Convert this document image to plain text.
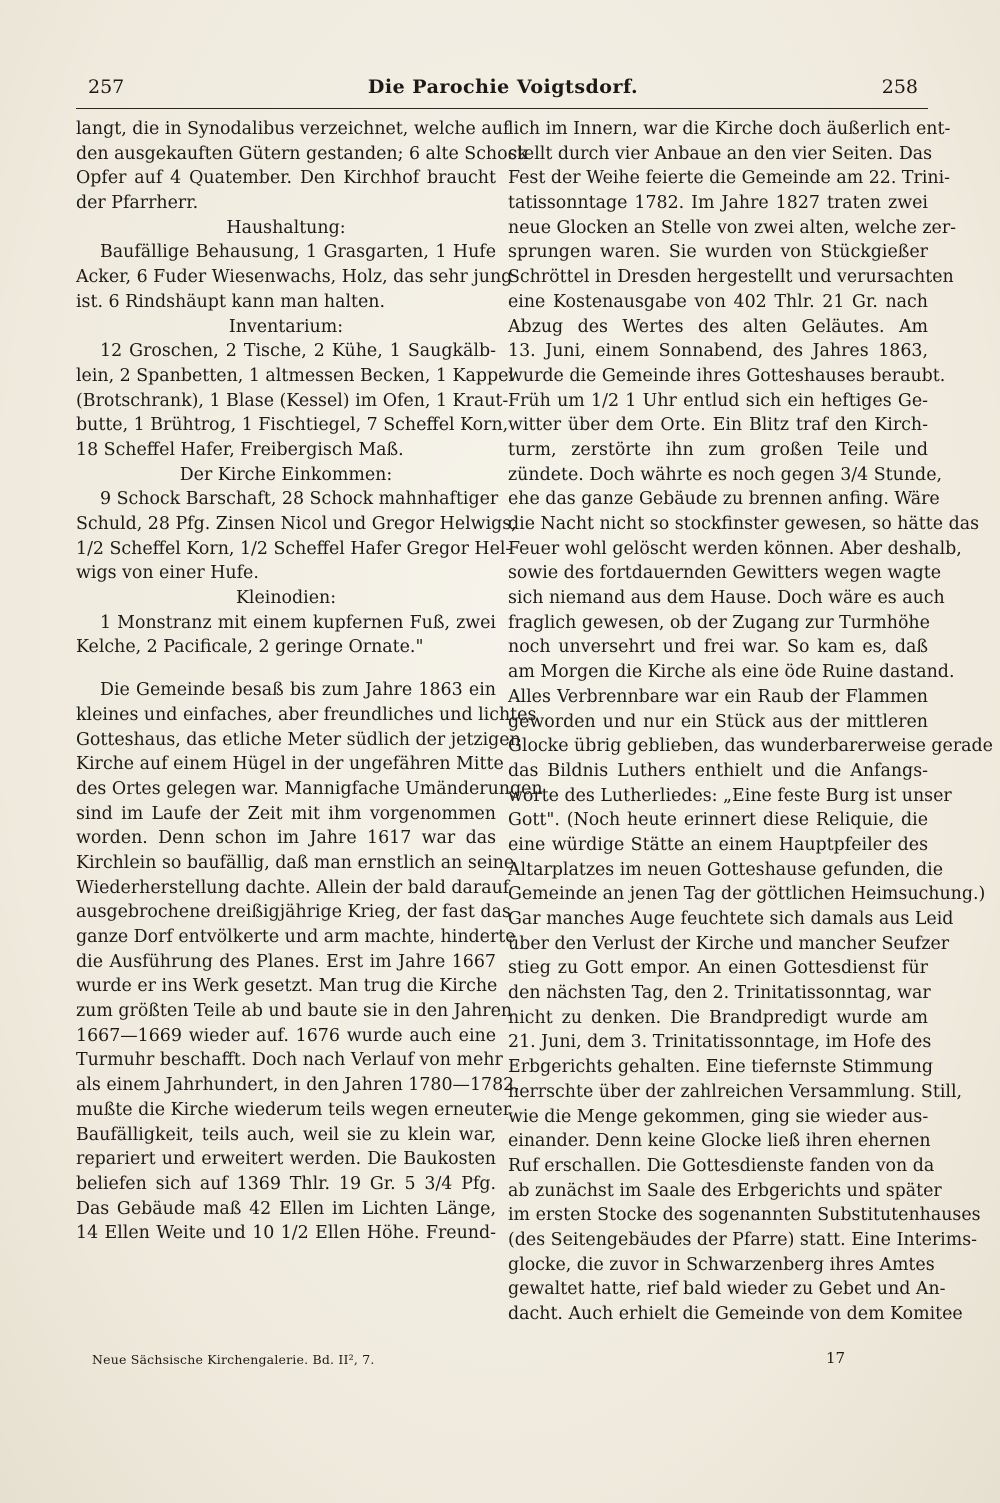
257	Die Parochie Voigtsdorf.	258
langt, die in Synodalibus verzeichnet, welche auf
den ausgekauften Gütern gestanden; 6 alte Schock
Opfer auf 4 Quatember. Den Kirchhof braucht
der Pfarrherr.
Haushaltung:
Baufällige Behausung, 1 Grasgarten, 1 Hufe
Acker, 6 Fuder Wiesenwachs, Holz, das sehr jung
ist. 6 Rindshäupt kann man halten.
Inventarium:
12 Groschen, 2 Tische, 2 Kühe, 1 Saugkälb-
lein, 2 Spanbetten, 1 altmessen Becken, 1 Kappel
(Brotschrank), 1 Blase (Kessel) im Ofen, 1 Kraut-
butte, 1 Brühtrog, 1 Fischtiegel, 7 Scheffel Korn,
18 Scheffel Hafer, Freibergisch Maß.
Der Kirche Einkommen:
9 Schock Barschaft, 28 Schock mahnhaftiger
Schuld, 28 Pfg. Zinsen Nicol und Gregor Helwigs,
1/2 Scheffel Korn, 1/2 Scheffel Hafer Gregor Hel-
wigs von einer Hufe.
Kleinodien:
1 Monstranz mit einem kupfernen Fuß, zwei
Kelche, 2 Pacificale, 2 geringe Ornate."
Die Gemeinde besaß bis zum Jahre 1863 ein
kleines und einfaches, aber freundliches und lichtes
Gotteshaus, das etliche Meter südlich der jetzigen
Kirche auf einem Hügel in der ungefähren Mitte
des Ortes gelegen war. Mannigfache Umänderungen
sind im Laufe der Zeit mit ihm vorgenommen
worden. Denn schon im Jahre 1617 war das
Kirchlein so baufällig, daß man ernstlich an seine
Wiederherstellung dachte. Allein der bald darauf
ausgebrochene dreißigjährige Krieg, der fast das
ganze Dorf entvölkerte und arm machte, hinderte
die Ausführung des Planes. Erst im Jahre 1667
wurde er ins Werk gesetzt. Man trug die Kirche
zum größten Teile ab und baute sie in den Jahren
1667—1669 wieder auf. 1676 wurde auch eine
Turmuhr beschafft. Doch nach Verlauf von mehr
als einem Jahrhundert, in den Jahren 1780—1782,
mußte die Kirche wiederum teils wegen erneuter
Baufälligkeit, teils auch, weil sie zu klein war,
repariert und erweitert werden. Die Baukosten
beliefen sich auf 1369 Thlr. 19 Gr. 5 3/4 Pfg.
Das Gebäude maß 42 Ellen im Lichten Länge,
14 Ellen Weite und 10 1/2 Ellen Höhe. Freund-
lich im Innern, war die Kirche doch äußerlich ent-
stellt durch vier Anbaue an den vier Seiten. Das
Fest der Weihe feierte die Gemeinde am 22. Trini-
tatissonntage 1782. Im Jahre 1827 traten zwei
neue Glocken an Stelle von zwei alten, welche zer-
sprungen waren. Sie wurden von Stückgießer
Schröttel in Dresden hergestellt und verursachten
eine Kostenausgabe von 402 Thlr. 21 Gr. nach
Abzug des Wertes des alten Geläutes. Am
13. Juni, einem Sonnabend, des Jahres 1863,
wurde die Gemeinde ihres Gotteshauses beraubt.
Früh um 1/2 1 Uhr entlud sich ein heftiges Ge-
witter über dem Orte. Ein Blitz traf den Kirch-
turm, zerstörte ihn zum großen Teile und
zündete. Doch währte es noch gegen 3/4 Stunde,
ehe das ganze Gebäude zu brennen anfing. Wäre
die Nacht nicht so stockfinster gewesen, so hätte das
Feuer wohl gelöscht werden können. Aber deshalb,
sowie des fortdauernden Gewitters wegen wagte
sich niemand aus dem Hause. Doch wäre es auch
fraglich gewesen, ob der Zugang zur Turmhöhe
noch unversehrt und frei war. So kam es, daß
am Morgen die Kirche als eine öde Ruine dastand.
Alles Verbrennbare war ein Raub der Flammen
geworden und nur ein Stück aus der mittleren
Glocke übrig geblieben, das wunderbarerweise gerade
das Bildnis Luthers enthielt und die Anfangs-
worte des Lutherliedes: „Eine feste Burg ist unser
Gott". (Noch heute erinnert diese Reliquie, die
eine würdige Stätte an einem Hauptpfeiler des
Altarplatzes im neuen Gotteshause gefunden, die
Gemeinde an jenen Tag der göttlichen Heimsuchung.)
Gar manches Auge feuchtete sich damals aus Leid
über den Verlust der Kirche und mancher Seufzer
stieg zu Gott empor. An einen Gottesdienst für
den nächsten Tag, den 2. Trinitatissonntag, war
nicht zu denken. Die Brandpredigt wurde am
21. Juni, dem 3. Trinitatissonntage, im Hofe des
Erbgerichts gehalten. Eine tiefernste Stimmung
herrschte über der zahlreichen Versammlung. Still,
wie die Menge gekommen, ging sie wieder aus-
einander. Denn keine Glocke ließ ihren ehernen
Ruf erschallen. Die Gottesdienste fanden von da
ab zunächst im Saale des Erbgerichts und später
im ersten Stocke des sogenannten Substitutenhauses
(des Seitengebäudes der Pfarre) statt. Eine Interims-
glocke, die zuvor in Schwarzenberg ihres Amtes
gewaltet hatte, rief bald wieder zu Gebet und An-
dacht. Auch erhielt die Gemeinde von dem Komitee
Neue Sächsische Kirchengalerie. Bd. II², 7.	17
